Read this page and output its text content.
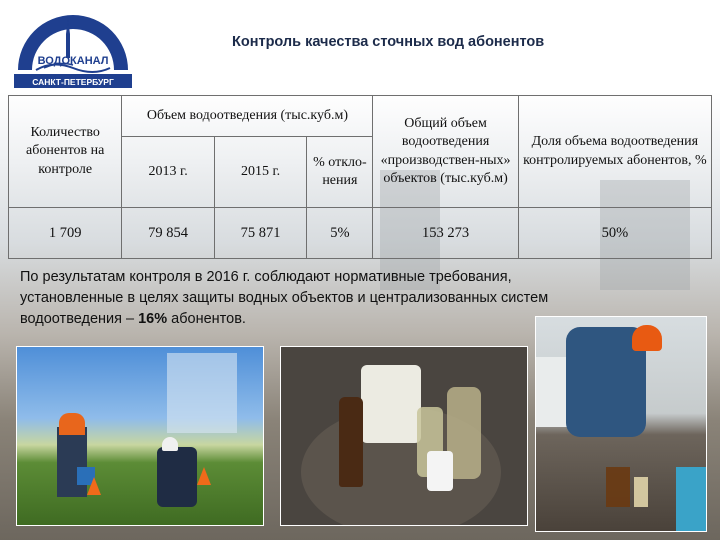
ВОДОКАНАЛ
САНКТ-ПЕТЕРБУРГ
Контроль качества сточных вод абонентов
Количество абонентов на контроле	Объем водоотведения (тыс.куб.м)			Общий объем водоотведения «производствен-ных» объектов (тыс.куб.м)	Доля объема водоотведения контролируемых абонентов, %
	2013 г.	2015 г.	% откло-нения		
1 709	79 854	75 871	5%	153 273	50%
По результатам контроля в 2016 г. соблюдают нормативные требования,
установленные в целях защиты водных объектов и централизованных систем
водоотведения – 16% абонентов.
